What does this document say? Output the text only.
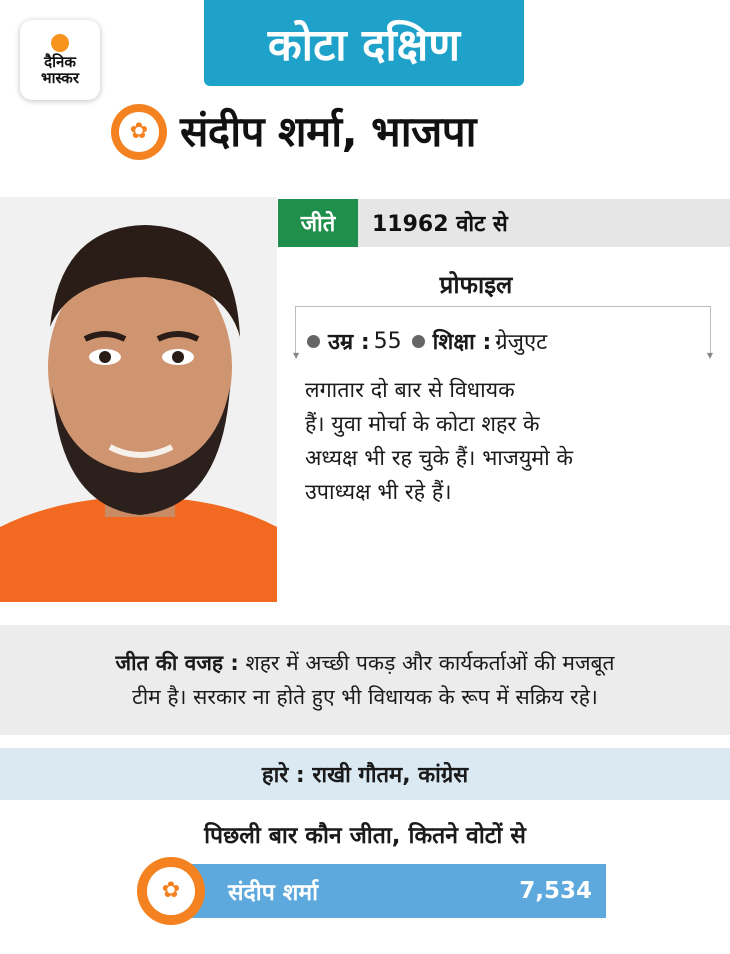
दैनिक
भास्कर
कोटा दक्षिण
✿ संदीप शर्मा, भाजपा
जीते	11962 वोट से
प्रोफाइल
▼	▼
उम्र : 55 शिक्षा : ग्रेजुएट
लगातार दो बार से विधायक
हैं। युवा मोर्चा के कोटा शहर के
अध्यक्ष भी रह चुके हैं। भाजयुमो के
उपाध्यक्ष भी रहे हैं।
जीत की वजह : शहर में अच्छी पकड़ और कार्यकर्ताओं की मजबूत
टीम है। सरकार ना होते हुए भी विधायक के रूप में सक्रिय रहे।
हारे : राखी गौतम, कांग्रेस
पिछली बार कौन जीता, कितने वोटों से
✿ संदीप शर्मा	7,534
